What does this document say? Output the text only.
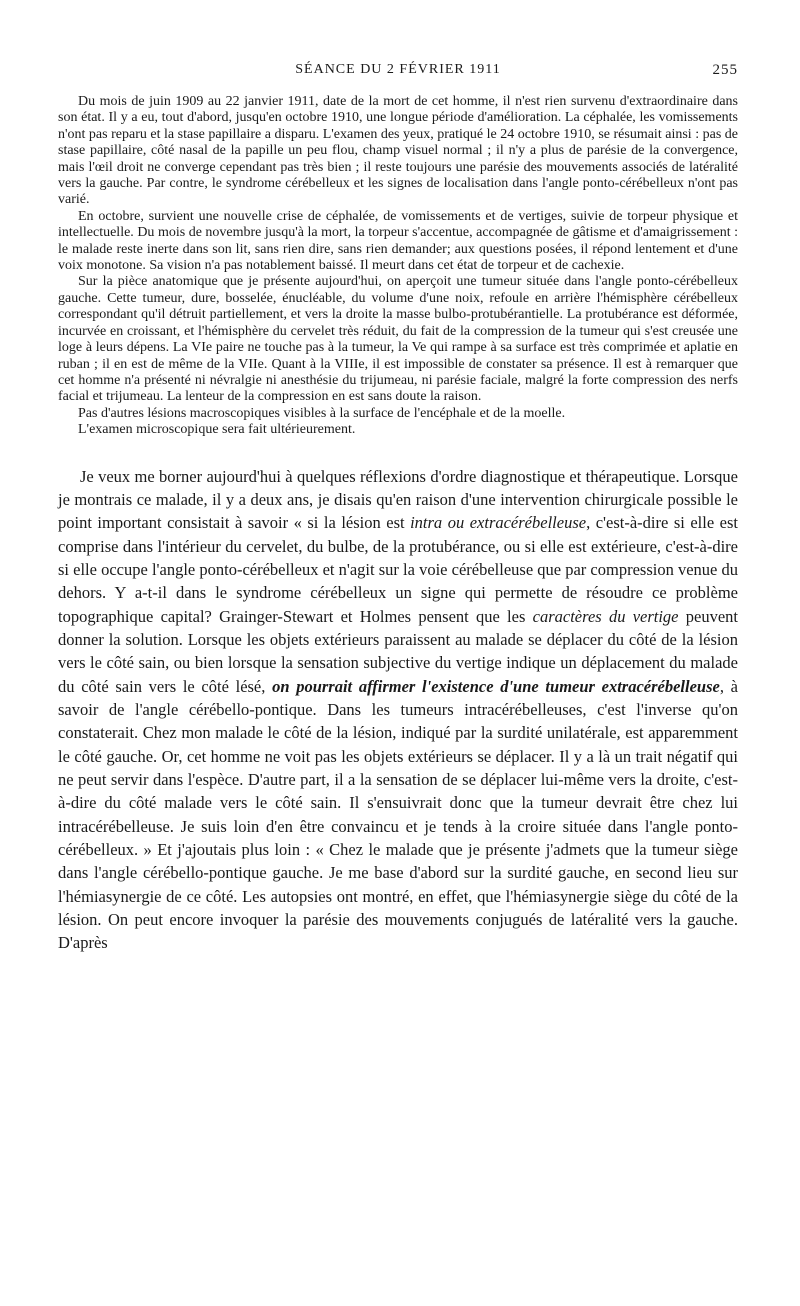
SÉANCE DU 2 FÉVRIER 1911	255

Du mois de juin 1909 au 22 janvier 1911, date de la mort de cet homme, il n'est rien survenu d'extraordinaire dans son état. Il y a eu, tout d'abord, jusqu'en octobre 1910, une longue période d'amélioration. La céphalée, les vomissements n'ont pas reparu et la stase papillaire a disparu. L'examen des yeux, pratiqué le 24 octobre 1910, se résumait ainsi : pas de stase papillaire, côté nasal de la papille un peu flou, champ visuel normal ; il n'y a plus de parésie de la convergence, mais l'œil droit ne converge cependant pas très bien ; il reste toujours une parésie des mouvements associés de latéralité vers la gauche. Par contre, le syndrome cérébelleux et les signes de localisation dans l'angle ponto-cérébelleux n'ont pas varié.

En octobre, survient une nouvelle crise de céphalée, de vomissements et de vertiges, suivie de torpeur physique et intellectuelle. Du mois de novembre jusqu'à la mort, la torpeur s'accentue, accompagnée de gâtisme et d'amaigrissement : le malade reste inerte dans son lit, sans rien dire, sans rien demander; aux questions posées, il répond lentement et d'une voix monotone. Sa vision n'a pas notablement baissé. Il meurt dans cet état de torpeur et de cachexie.

Sur la pièce anatomique que je présente aujourd'hui, on aperçoit une tumeur située dans l'angle ponto-cérébelleux gauche. Cette tumeur, dure, bosselée, énucléable, du volume d'une noix, refoule en arrière l'hémisphère cérébelleux correspondant qu'il détruit partiellement, et vers la droite la masse bulbo-protubérantielle. La protubérance est déformée, incurvée en croissant, et l'hémisphère du cervelet très réduit, du fait de la compression de la tumeur qui s'est creusée une loge à leurs dépens. La VIe paire ne touche pas à la tumeur, la Ve qui rampe à sa surface est très comprimée et aplatie en ruban ; il en est de même de la VIIe. Quant à la VIIIe, il est impossible de constater sa présence. Il est à remarquer que cet homme n'a présenté ni névralgie ni anesthésie du trijumeau, ni parésie faciale, malgré la forte compression des nerfs facial et trijumeau. La lenteur de la compression en est sans doute la raison.

Pas d'autres lésions macroscopiques visibles à la surface de l'encéphale et de la moelle.

L'examen microscopique sera fait ultérieurement.

Je veux me borner aujourd'hui à quelques réflexions d'ordre diagnostique et thérapeutique. Lorsque je montrais ce malade, il y a deux ans, je disais qu'en raison d'une intervention chirurgicale possible le point important consistait à savoir « si la lésion est intra ou extracérébelleuse, c'est-à-dire si elle est comprise dans l'intérieur du cervelet, du bulbe, de la protubérance, ou si elle est extérieure, c'est-à-dire si elle occupe l'angle ponto-cérébelleux et n'agit sur la voie cérébelleuse que par compression venue du dehors. Y a-t-il dans le syndrome cérébelleux un signe qui permette de résoudre ce problème topographique capital? Grainger-Stewart et Holmes pensent que les caractères du vertige peuvent donner la solution. Lorsque les objets extérieurs paraissent au malade se déplacer du côté de la lésion vers le côté sain, ou bien lorsque la sensation subjective du vertige indique un déplacement du malade du côté sain vers le côté lésé, on pourrait affirmer l'existence d'une tumeur extracérébelleuse, à savoir de l'angle cérébello-pontique. Dans les tumeurs intracérébelleuses, c'est l'inverse qu'on constaterait. Chez mon malade le côté de la lésion, indiqué par la surdité unilatérale, est apparemment le côté gauche. Or, cet homme ne voit pas les objets extérieurs se déplacer. Il y a là un trait négatif qui ne peut servir dans l'espèce. D'autre part, il a la sensation de se déplacer lui-même vers la droite, c'est-à-dire du côté malade vers le côté sain. Il s'ensuivrait donc que la tumeur devrait être chez lui intracérébelleuse. Je suis loin d'en être convaincu et je tends à la croire située dans l'angle ponto-cérébelleux. » Et j'ajoutais plus loin : « Chez le malade que je présente j'admets que la tumeur siège dans l'angle cérébello-pontique gauche. Je me base d'abord sur la surdité gauche, en second lieu sur l'hémiasynergie de ce côté. Les autopsies ont montré, en effet, que l'hémiasynergie siège du côté de la lésion. On peut encore invoquer la parésie des mouvements conjugués de latéralité vers la gauche. D'après
